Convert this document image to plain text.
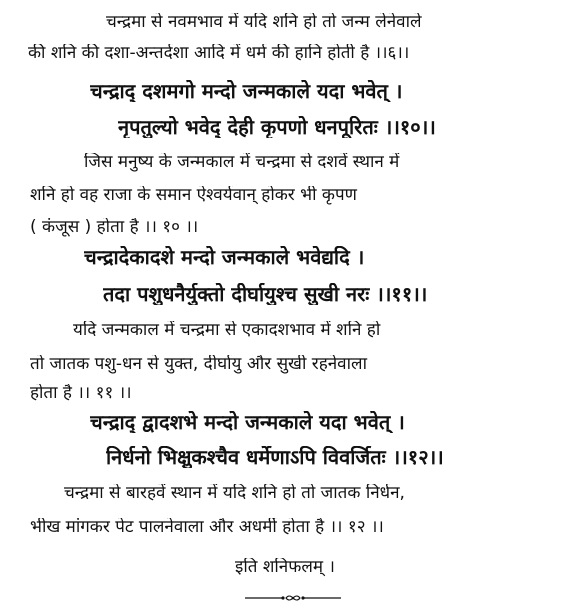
चन्द्रमा से नवमभाव में यदि शनि हो तो जन्म लेनेवाले
की शनि की दशा-अन्तर्दशा आदि में धर्म की हानि होती है ।।६।।
चन्द्राद् दशमगो मन्दो जन्मकाले यदा भवेत् ।
नृपतुल्यो भवेद् देही कृपणो धनपूरितः ।।१०।।
जिस मनुष्य के जन्मकाल में चन्द्रमा से दशवें स्थान में
शनि हो वह राजा के समान ऐश्वर्यवान् होकर भी कृपण
( कंजूस ) होता है ।। १० ।।
चन्द्रादेकादशे मन्दो जन्मकाले भवेद्यदि ।
तदा पशुधनैर्युक्तो दीर्घायुश्च सुखी नरः ।।११।।
यदि जन्मकाल में चन्द्रमा से एकादशभाव में शनि हो
तो जातक पशु-धन से युक्त, दीर्घायु और सुखी रहनेवाला
होता है ।। ११ ।।
चन्द्राद् द्वादशभे मन्दो जन्मकाले यदा भवेत् ।
निर्धनो भिक्षुकश्चैव धर्मेणाऽपि विवर्जितः ।।१२।।
चन्द्रमा से बारहवें स्थान में यदि शनि हो तो जातक निर्धन,
भीख मांगकर पेट पालनेवाला और अधर्मी होता है ।। १२ ।।
इति शनिफलम् ।
